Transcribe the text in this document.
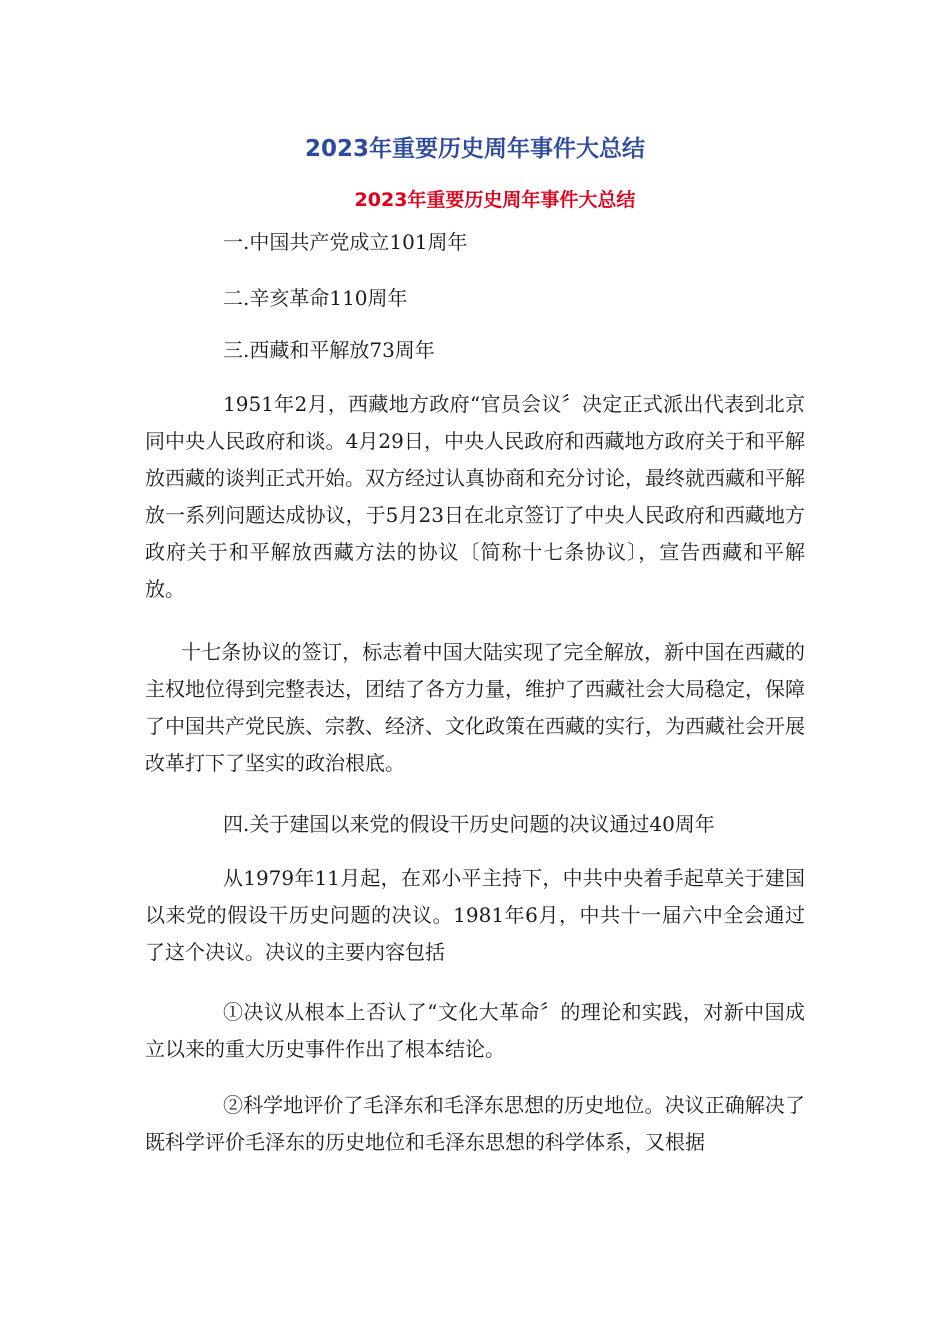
2023年重要历史周年事件大总结
2023年重要历史周年事件大总结

一.中国共产党成立101周年

二.辛亥革命110周年

三.西藏和平解放73周年

1951年2月，西藏地方政府“官员会议〞决定正式派出代表到北京同中央人民政府和谈。4月29日，中央人民政府和西藏地方政府关于和平解放西藏的谈判正式开始。双方经过认真协商和充分讨论，最终就西藏和平解放一系列问题达成协议，于5月23日在北京签订了中央人民政府和西藏地方政府关于和平解放西藏方法的协议〔简称十七条协议〕，宣告西藏和平解放。

十七条协议的签订，标志着中国大陆实现了完全解放，新中国在西藏的主权地位得到完整表达，团结了各方力量，维护了西藏社会大局稳定，保障了中国共产党民族、宗教、经济、文化政策在西藏的实行，为西藏社会开展改革打下了坚实的政治根底。

四.关于建国以来党的假设干历史问题的决议通过40周年

从1979年11月起，在邓小平主持下，中共中央着手起草关于建国以来党的假设干历史问题的决议。1981年6月，中共十一届六中全会通过了这个决议。决议的主要内容包括

①决议从根本上否认了“文化大革命〞的理论和实践，对新中国成立以来的重大历史事件作出了根本结论。

②科学地评价了毛泽东和毛泽东思想的历史地位。决议正确解决了既科学评价毛泽东的历史地位和毛泽东思想的科学体系，又根据
